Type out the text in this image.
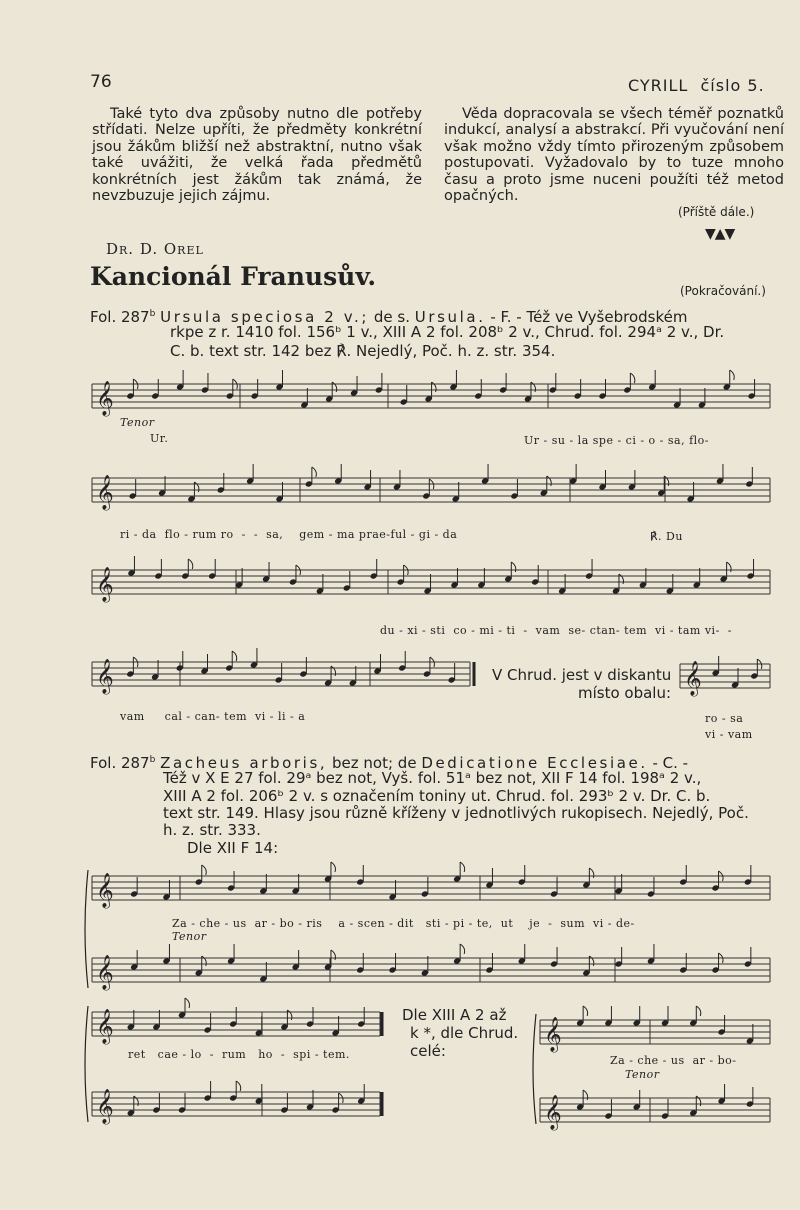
76	CYRILL  číslo 5.

Také tyto dva způsoby nutno dle potřeby střídati. Nelze upříti, že předměty konkrétní jsou žákům bližší než abstraktní, nutno však také uvážiti, že velká řada předmětů konkrétních jest žákům tak známá, že nevzbuzuje jejich zájmu.

Věda dopracovala se všech téměř poznatků indukcí, analysí a abstrakcí. Při vyučování není však možno vždy tímto přirozeným způsobem postupovati. Vyžadovalo by to tuze mnoho času a proto jsme nuceni použíti též metod opačných.

(Příště dále.)
▼▲▼
Dr. D. Orel
Kancionál Franusův.	(Pokračování.)
Fol. 287$^b$ Ursula speciosa 2 v.; de s. Ursula. - F. - Též ve Vyšebrodském
rkpe z r. 1410 fol. 156ᵇ 1 v., XIII A 2 fol. 208ᵇ 2 v., Chrud. fol. 294ᵃ 2 v., Dr.
C. b. text str. 142 bez ℟. Nejedlý, Poč. h. z. str. 354.
𝄞
𝄞
𝄞
𝄞	𝄞
𝄞
𝄞
𝄞
𝄞
𝄞
𝄞
Tenor
Ur.	Ur - su - la spe - ci - o - sa, flo-
ri - da  flo - rum ro  -  -  sa,    gem - ma prae-ful - gi - da	℟. Du
du - xi - sti  co - mi - ti  -  vam  se- ctan- tem  vi - tam vi-  -
vam     cal - can- tem  vi - li - a
V Chrud. jest v diskantu
místo obalu:
ro - sa
vi - vam
Fol. 287$^b$ Zacheus arboris, bez not; de Dedicatione Ecclesiae. - C. -
Též v X E 27 fol. 29ᵃ bez not, Vyš. fol. 51ᵃ bez not, XII F 14 fol. 198ᵃ 2 v.,
XIII A 2 fol. 206ᵇ 2 v. s označením toniny ut. Chrud. fol. 293ᵇ 2 v. Dr. C. b.
text str. 149. Hlasy jsou různě kříženy v jednotlivých rukopisech. Nejedlý, Poč.
h. z. str. 333.
Dle XII F 14:
Za - che - us  ar - bo - ris    a - scen - dit   sti - pi - te,  ut    je  -  sum  vi - de-
Tenor
ret   cae - lo  -  rum   ho  -  spi - tem.
Dle XIII A 2 až
k *, dle Chrud.
celé:
Za - che - us  ar - bo-
Tenor
